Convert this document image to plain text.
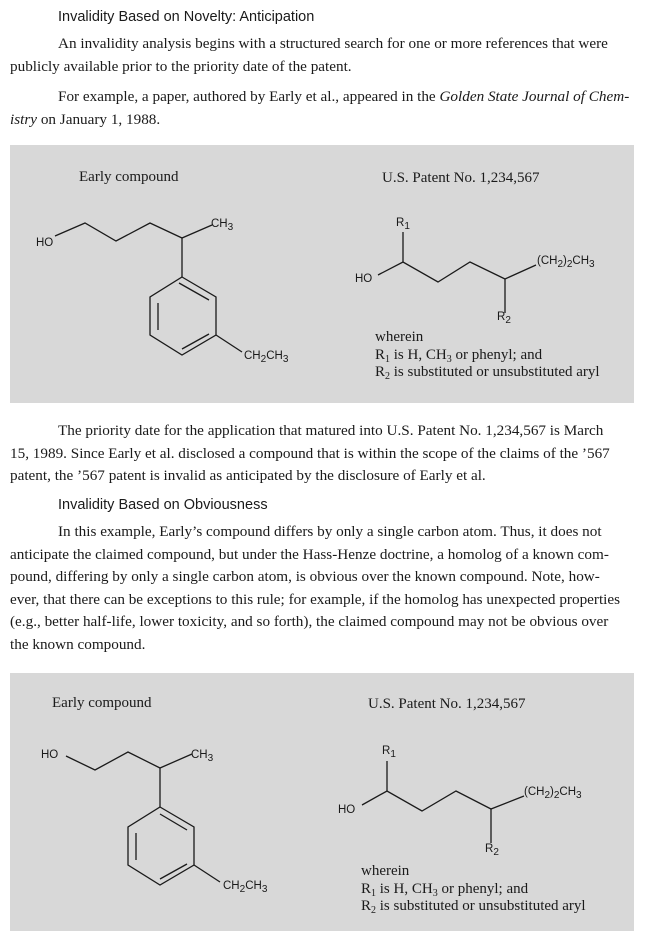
Invalidity Based on Novelty: Anticipation

An invalidity analysis begins with a structured search for one or more references that were
publicly available prior to the priority date of the patent.

For example, a paper, authored by Early et al., appeared in the Golden State Journal of Chem-
istry on January 1, 1988.

Early compound	U.S. Patent No. 1,234,567
HO
$CH_3$
$CH_2CH_3$
$R_1$
HO
$(CH_2)_2CH_3$
$R_2$
wherein
$R_1$ is H, $CH_3$ or phenyl; and
$R_2$ is substituted or unsubstituted aryl

The priority date for the application that matured into U.S. Patent No. 1,234,567 is March
15, 1989. Since Early et al. disclosed a compound that is within the scope of the claims of the ’567
patent, the ’567 patent is invalid as anticipated by the disclosure of Early et al.

Invalidity Based on Obviousness

In this example, Early’s compound differs by only a single carbon atom. Thus, it does not
anticipate the claimed compound, but under the Hass-Henze doctrine, a homolog of a known com-
pound, differing by only a single carbon atom, is obvious over the known compound. Note, how-
ever, that there can be exceptions to this rule; for example, if the homolog has unexpected properties
(e.g., better half-life, lower toxicity, and so forth), the claimed compound may not be obvious over
the known compound.

Early compound	U.S. Patent No. 1,234,567
HO	$CH_3$
$CH_2CH_3$
$R_1$
HO
$(CH_2)_2CH_3$
$R_2$
wherein
$R_1$ is H, $CH_3$ or phenyl; and
$R_2$ is substituted or unsubstituted aryl
